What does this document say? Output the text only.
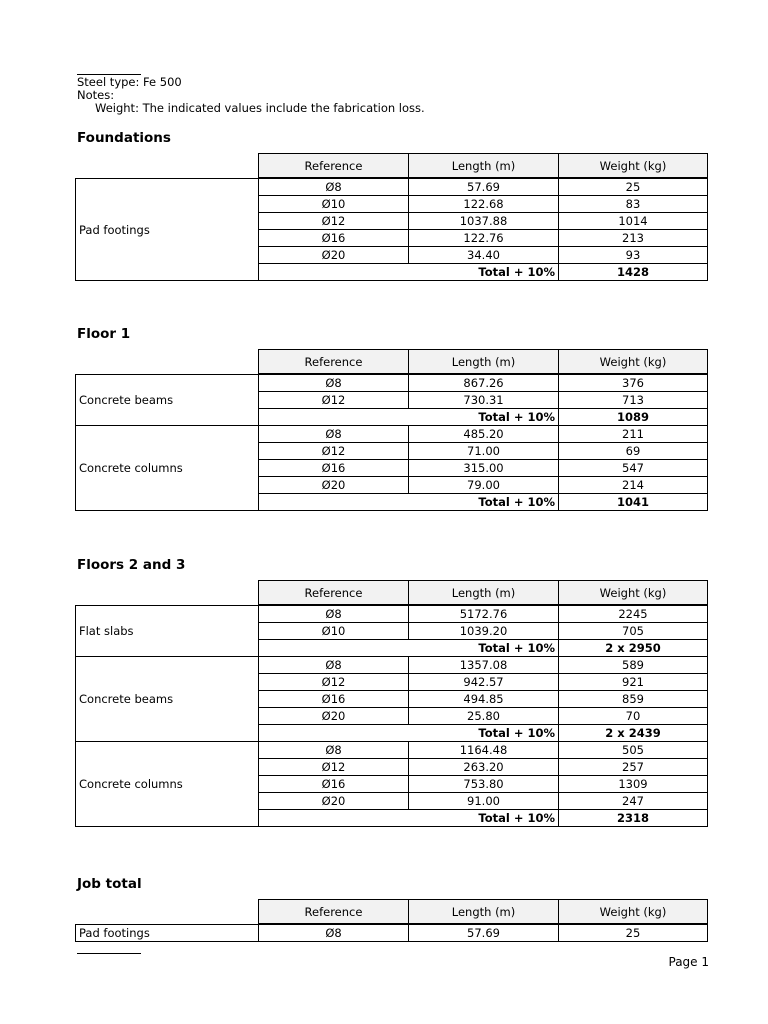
Steel type: Fe 500
Notes:
Weight: The indicated values include the fabrication loss.
Foundations
Floor 1
Floors 2 and 3
Job total
Reference	Length (m)	Weight (kg)
Pad footings	Ø8	57.69	25
	Ø10	122.68	83
	Ø12	1037.88	1014
	Ø16	122.76	213
	Ø20	34.40	93
	Total + 10%		1428
Reference	Length (m)	Weight (kg)
Concrete beams	Ø8	867.26	376
	Ø12	730.31	713
	Total + 10%		1089
Concrete columns	Ø8	485.20	211
	Ø12	71.00	69
	Ø16	315.00	547
	Ø20	79.00	214
	Total + 10%		1041
Reference	Length (m)	Weight (kg)
Flat slabs	Ø8	5172.76	2245
	Ø10	1039.20	705
	Total + 10%		2 x 2950
Concrete beams	Ø8	1357.08	589
	Ø12	942.57	921
	Ø16	494.85	859
	Ø20	25.80	70
	Total + 10%		2 x 2439
Concrete columns	Ø8	1164.48	505
	Ø12	263.20	257
	Ø16	753.80	1309
	Ø20	91.00	247
	Total + 10%		2318
Reference	Length (m)	Weight (kg)
Pad footings	Ø8	57.69	25
Page 1
